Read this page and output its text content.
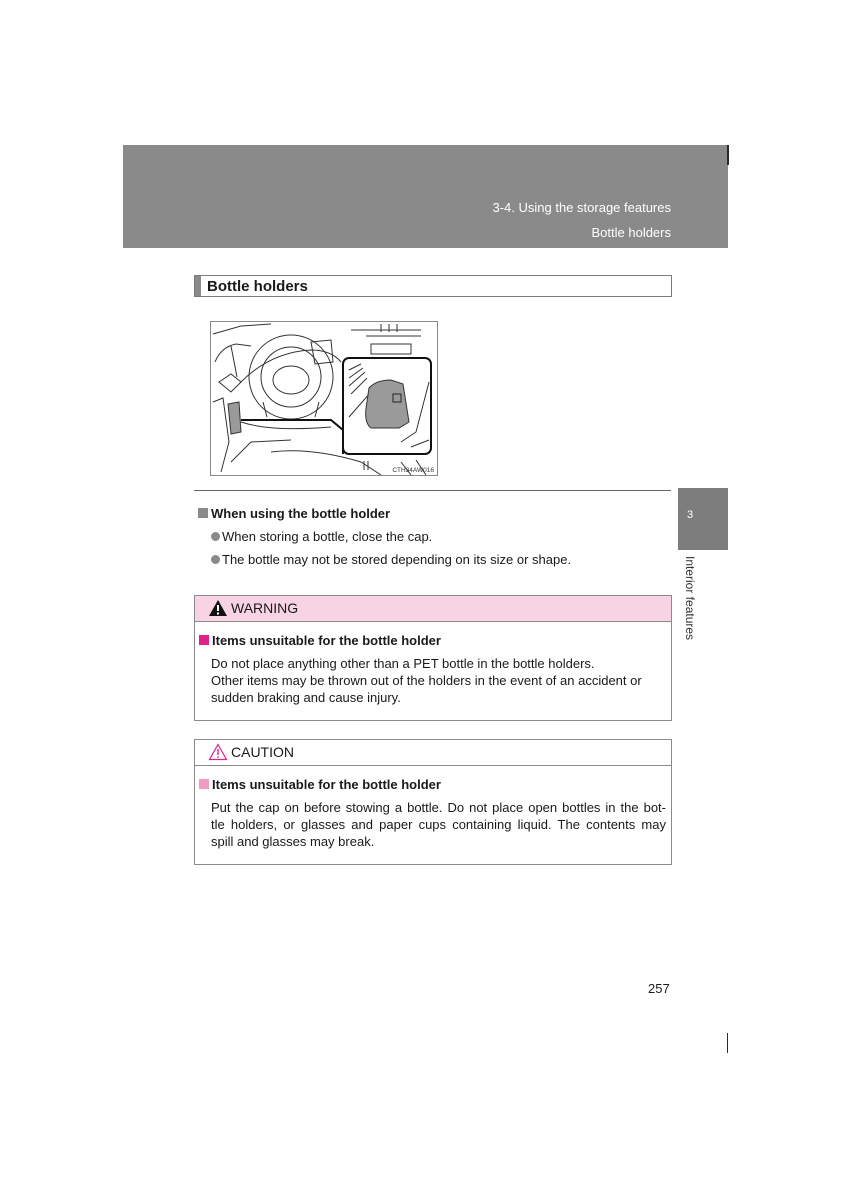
3-4. Using the storage features
Bottle holders
Bottle holders
CTH34AW016
3
Interior features
When using the bottle holder
When storing a bottle, close the cap.
The bottle may not be stored depending on its size or shape.
WARNING
Items unsuitable for the bottle holder
Do not place anything other than a PET bottle in the bottle holders.
Other items may be thrown out of the holders in the event of an accident or
sudden braking and cause injury.
CAUTION
Items unsuitable for the bottle holder
Put the cap on before stowing a bottle. Do not place open bottles in the bot-
tle holders, or glasses and paper cups containing liquid. The contents may
spill and glasses may break.
257
